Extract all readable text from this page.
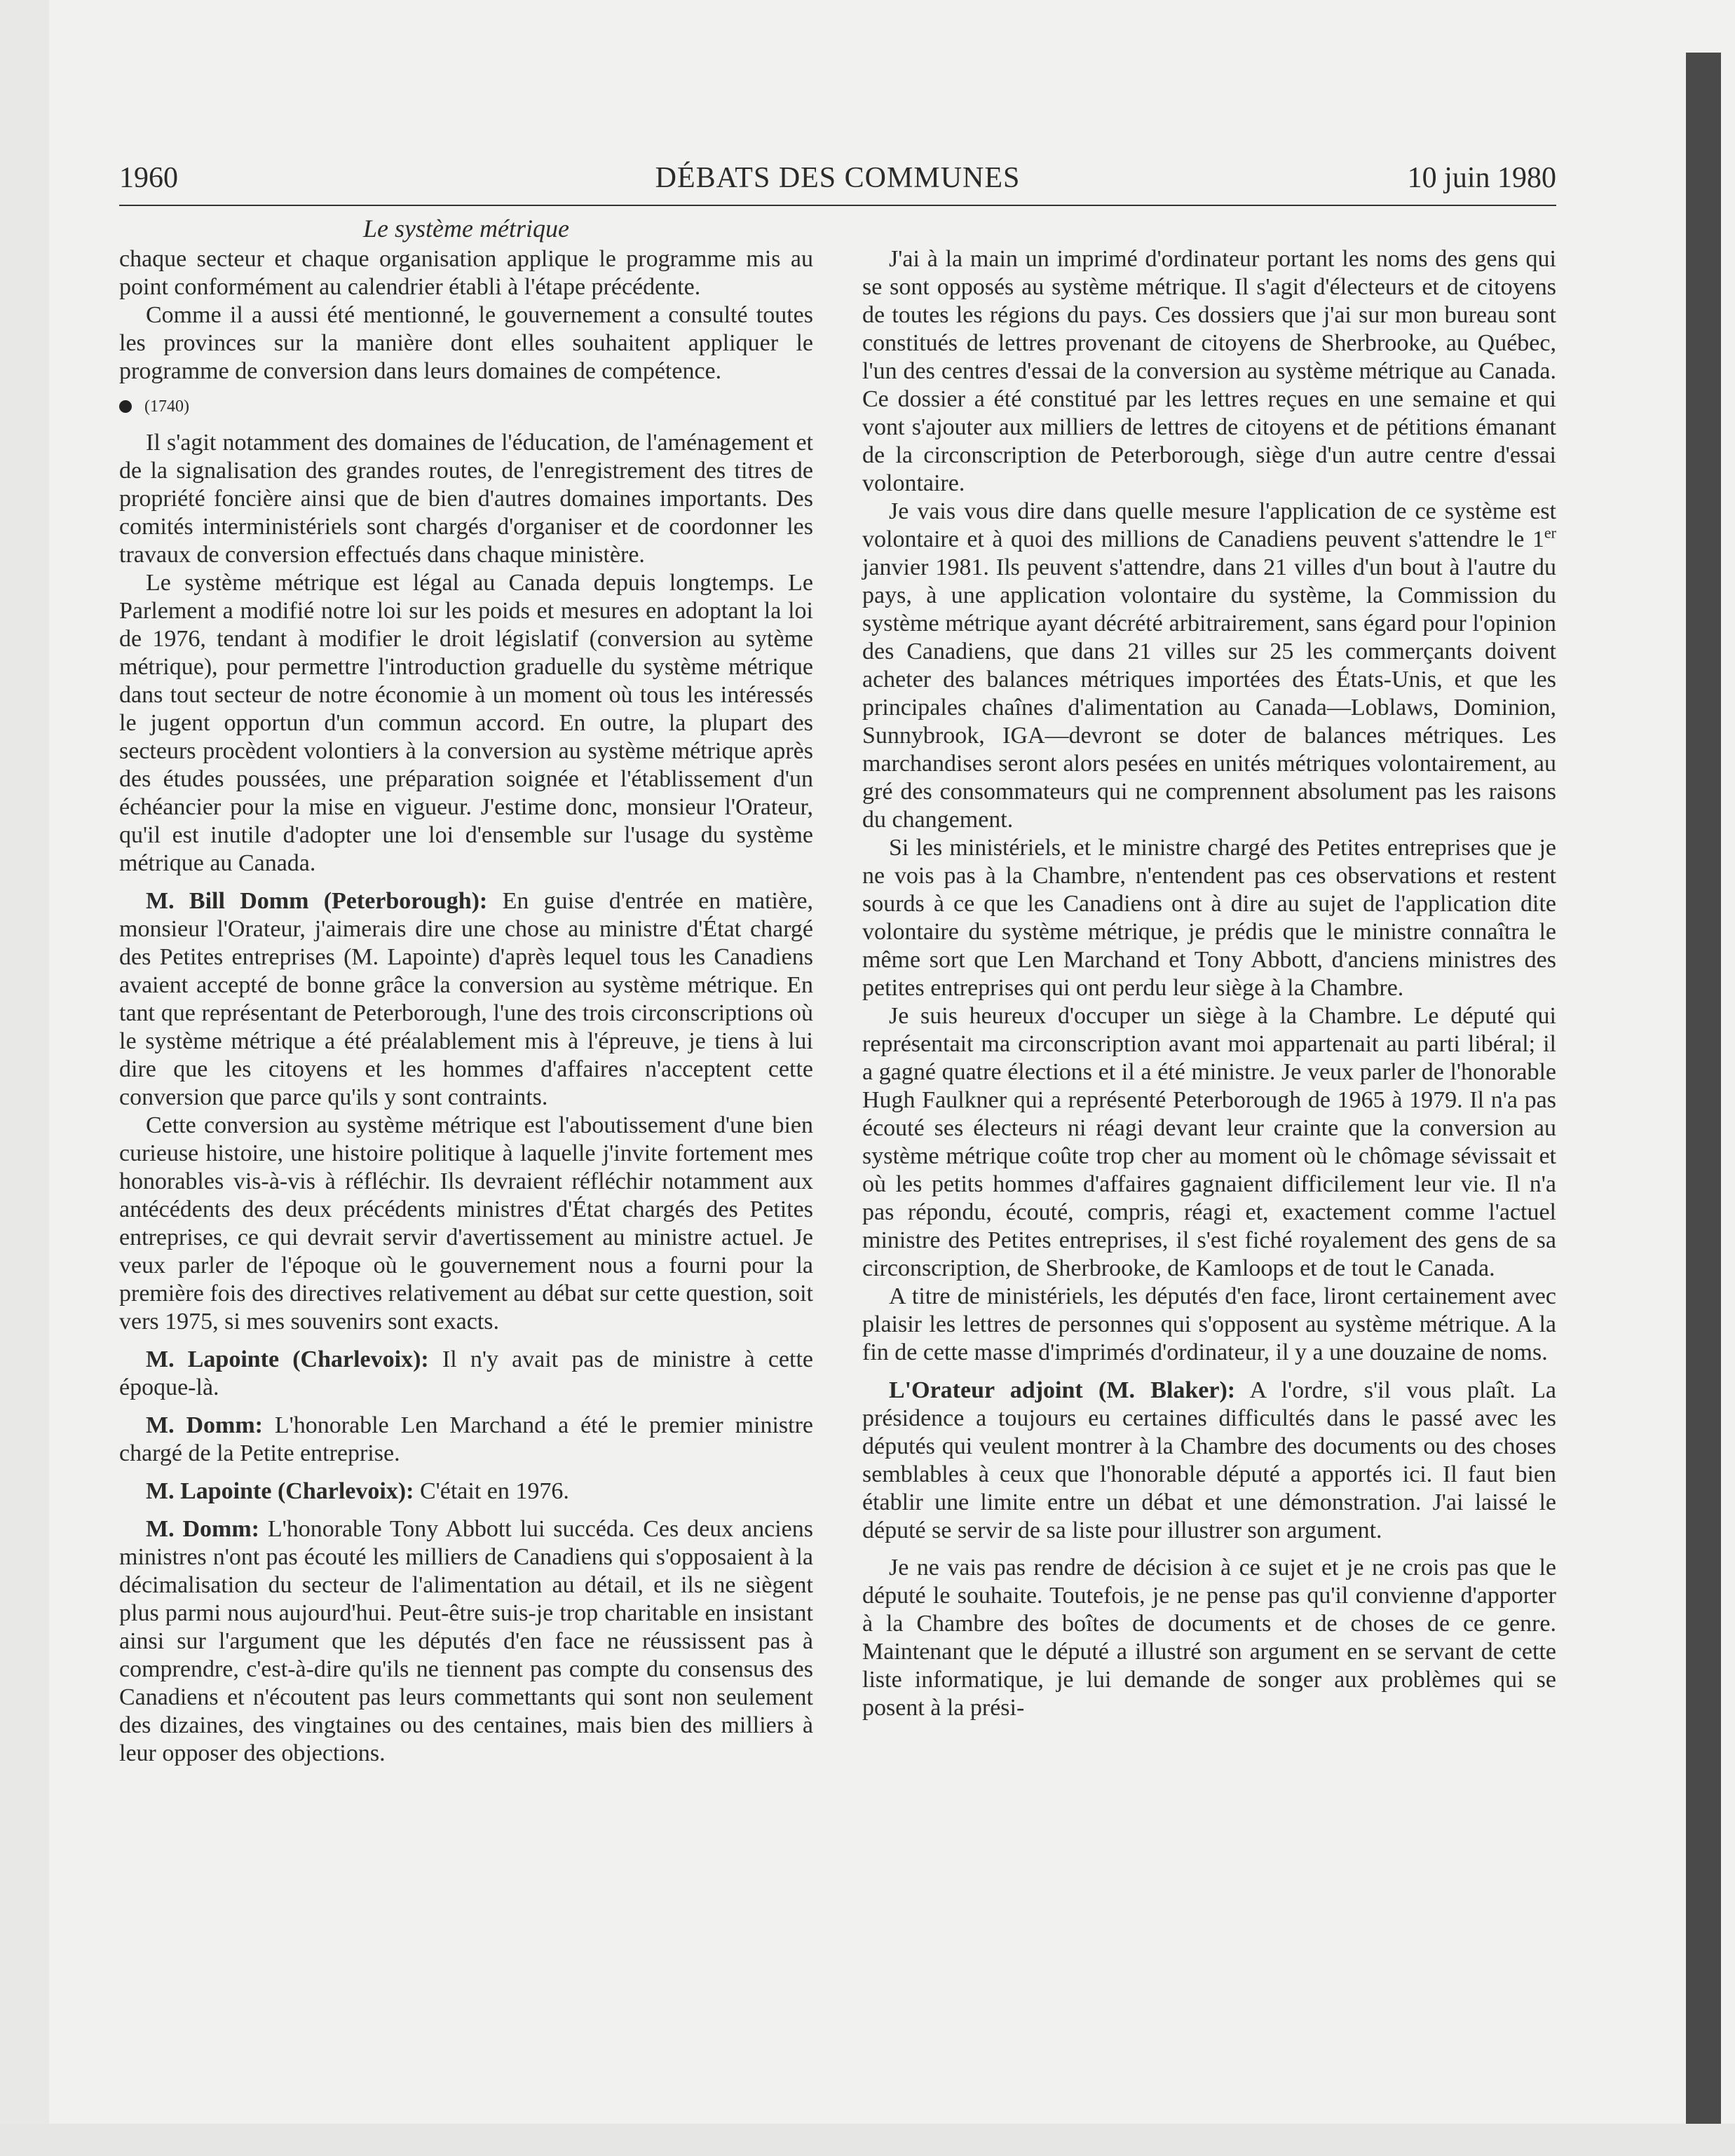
1960	DÉBATS DES COMMUNES	10 juin 1980
Le système métrique

chaque secteur et chaque organisation applique le programme mis au point conformément au calendrier établi à l'étape précédente.

Comme il a aussi été mentionné, le gouvernement a consulté toutes les provinces sur la manière dont elles souhaitent appliquer le programme de conversion dans leurs domaines de compétence.

(1740)

Il s'agit notamment des domaines de l'éducation, de l'aménagement et de la signalisation des grandes routes, de l'enregistrement des titres de propriété foncière ainsi que de bien d'autres domaines importants. Des comités interministériels sont chargés d'organiser et de coordonner les travaux de conversion effectués dans chaque ministère.

Le système métrique est légal au Canada depuis longtemps. Le Parlement a modifié notre loi sur les poids et mesures en adoptant la loi de 1976, tendant à modifier le droit législatif (conversion au sytème métrique), pour permettre l'introduction graduelle du système métrique dans tout secteur de notre économie à un moment où tous les intéressés le jugent opportun d'un commun accord. En outre, la plupart des secteurs procèdent volontiers à la conversion au système métrique après des études poussées, une préparation soignée et l'établissement d'un échéancier pour la mise en vigueur. J'estime donc, monsieur l'Orateur, qu'il est inutile d'adopter une loi d'ensemble sur l'usage du système métrique au Canada.

M. Bill Domm (Peterborough): En guise d'entrée en matière, monsieur l'Orateur, j'aimerais dire une chose au ministre d'État chargé des Petites entreprises (M. Lapointe) d'après lequel tous les Canadiens avaient accepté de bonne grâce la conversion au système métrique. En tant que représentant de Peterborough, l'une des trois circonscriptions où le système métrique a été préalablement mis à l'épreuve, je tiens à lui dire que les citoyens et les hommes d'affaires n'acceptent cette conversion que parce qu'ils y sont contraints.

Cette conversion au système métrique est l'aboutissement d'une bien curieuse histoire, une histoire politique à laquelle j'invite fortement mes honorables vis-à-vis à réfléchir. Ils devraient réfléchir notamment aux antécédents des deux précédents ministres d'État chargés des Petites entreprises, ce qui devrait servir d'avertissement au ministre actuel. Je veux parler de l'époque où le gouvernement nous a fourni pour la première fois des directives relativement au débat sur cette question, soit vers 1975, si mes souvenirs sont exacts.

M. Lapointe (Charlevoix): Il n'y avait pas de ministre à cette époque-là.

M. Domm: L'honorable Len Marchand a été le premier ministre chargé de la Petite entreprise.

M. Lapointe (Charlevoix): C'était en 1976.

M. Domm: L'honorable Tony Abbott lui succéda. Ces deux anciens ministres n'ont pas écouté les milliers de Canadiens qui s'opposaient à la décimalisation du secteur de l'alimentation au détail, et ils ne siègent plus parmi nous aujourd'hui. Peut-être suis-je trop charitable en insistant ainsi sur l'argument que les députés d'en face ne réussissent pas à comprendre, c'est-à-dire qu'ils ne tiennent pas compte du consensus des Canadiens et n'écoutent pas leurs commettants qui sont non seulement des dizaines, des vingtaines ou des centaines, mais bien des milliers à leur opposer des objections.

J'ai à la main un imprimé d'ordinateur portant les noms des gens qui se sont opposés au système métrique. Il s'agit d'électeurs et de citoyens de toutes les régions du pays. Ces dossiers que j'ai sur mon bureau sont constitués de lettres provenant de citoyens de Sherbrooke, au Québec, l'un des centres d'essai de la conversion au système métrique au Canada. Ce dossier a été constitué par les lettres reçues en une semaine et qui vont s'ajouter aux milliers de lettres de citoyens et de pétitions émanant de la circonscription de Peterborough, siège d'un autre centre d'essai volontaire.

Je vais vous dire dans quelle mesure l'application de ce système est volontaire et à quoi des millions de Canadiens peuvent s'attendre le 1er janvier 1981. Ils peuvent s'attendre, dans 21 villes d'un bout à l'autre du pays, à une application volontaire du système, la Commission du système métrique ayant décrété arbitrairement, sans égard pour l'opinion des Canadiens, que dans 21 villes sur 25 les commerçants doivent acheter des balances métriques importées des États-Unis, et que les principales chaînes d'alimentation au Canada—Loblaws, Dominion, Sunnybrook, IGA—devront se doter de balances métriques. Les marchandises seront alors pesées en unités métriques volontairement, au gré des consommateurs qui ne comprennent absolument pas les raisons du changement.

Si les ministériels, et le ministre chargé des Petites entreprises que je ne vois pas à la Chambre, n'entendent pas ces observations et restent sourds à ce que les Canadiens ont à dire au sujet de l'application dite volontaire du système métrique, je prédis que le ministre connaîtra le même sort que Len Marchand et Tony Abbott, d'anciens ministres des petites entreprises qui ont perdu leur siège à la Chambre.

Je suis heureux d'occuper un siège à la Chambre. Le député qui représentait ma circonscription avant moi appartenait au parti libéral; il a gagné quatre élections et il a été ministre. Je veux parler de l'honorable Hugh Faulkner qui a représenté Peterborough de 1965 à 1979. Il n'a pas écouté ses électeurs ni réagi devant leur crainte que la conversion au système métrique coûte trop cher au moment où le chômage sévissait et où les petits hommes d'affaires gagnaient difficilement leur vie. Il n'a pas répondu, écouté, compris, réagi et, exactement comme l'actuel ministre des Petites entreprises, il s'est fiché royalement des gens de sa circonscription, de Sherbrooke, de Kamloops et de tout le Canada.

A titre de ministériels, les députés d'en face, liront certainement avec plaisir les lettres de personnes qui s'opposent au système métrique. A la fin de cette masse d'imprimés d'ordinateur, il y a une douzaine de noms.

L'Orateur adjoint (M. Blaker): A l'ordre, s'il vous plaît. La présidence a toujours eu certaines difficultés dans le passé avec les députés qui veulent montrer à la Chambre des documents ou des choses semblables à ceux que l'honorable député a apportés ici. Il faut bien établir une limite entre un débat et une démonstration. J'ai laissé le député se servir de sa liste pour illustrer son argument.

Je ne vais pas rendre de décision à ce sujet et je ne crois pas que le député le souhaite. Toutefois, je ne pense pas qu'il convienne d'apporter à la Chambre des boîtes de documents et de choses de ce genre. Maintenant que le député a illustré son argument en se servant de cette liste informatique, je lui demande de songer aux problèmes qui se posent à la prési-
